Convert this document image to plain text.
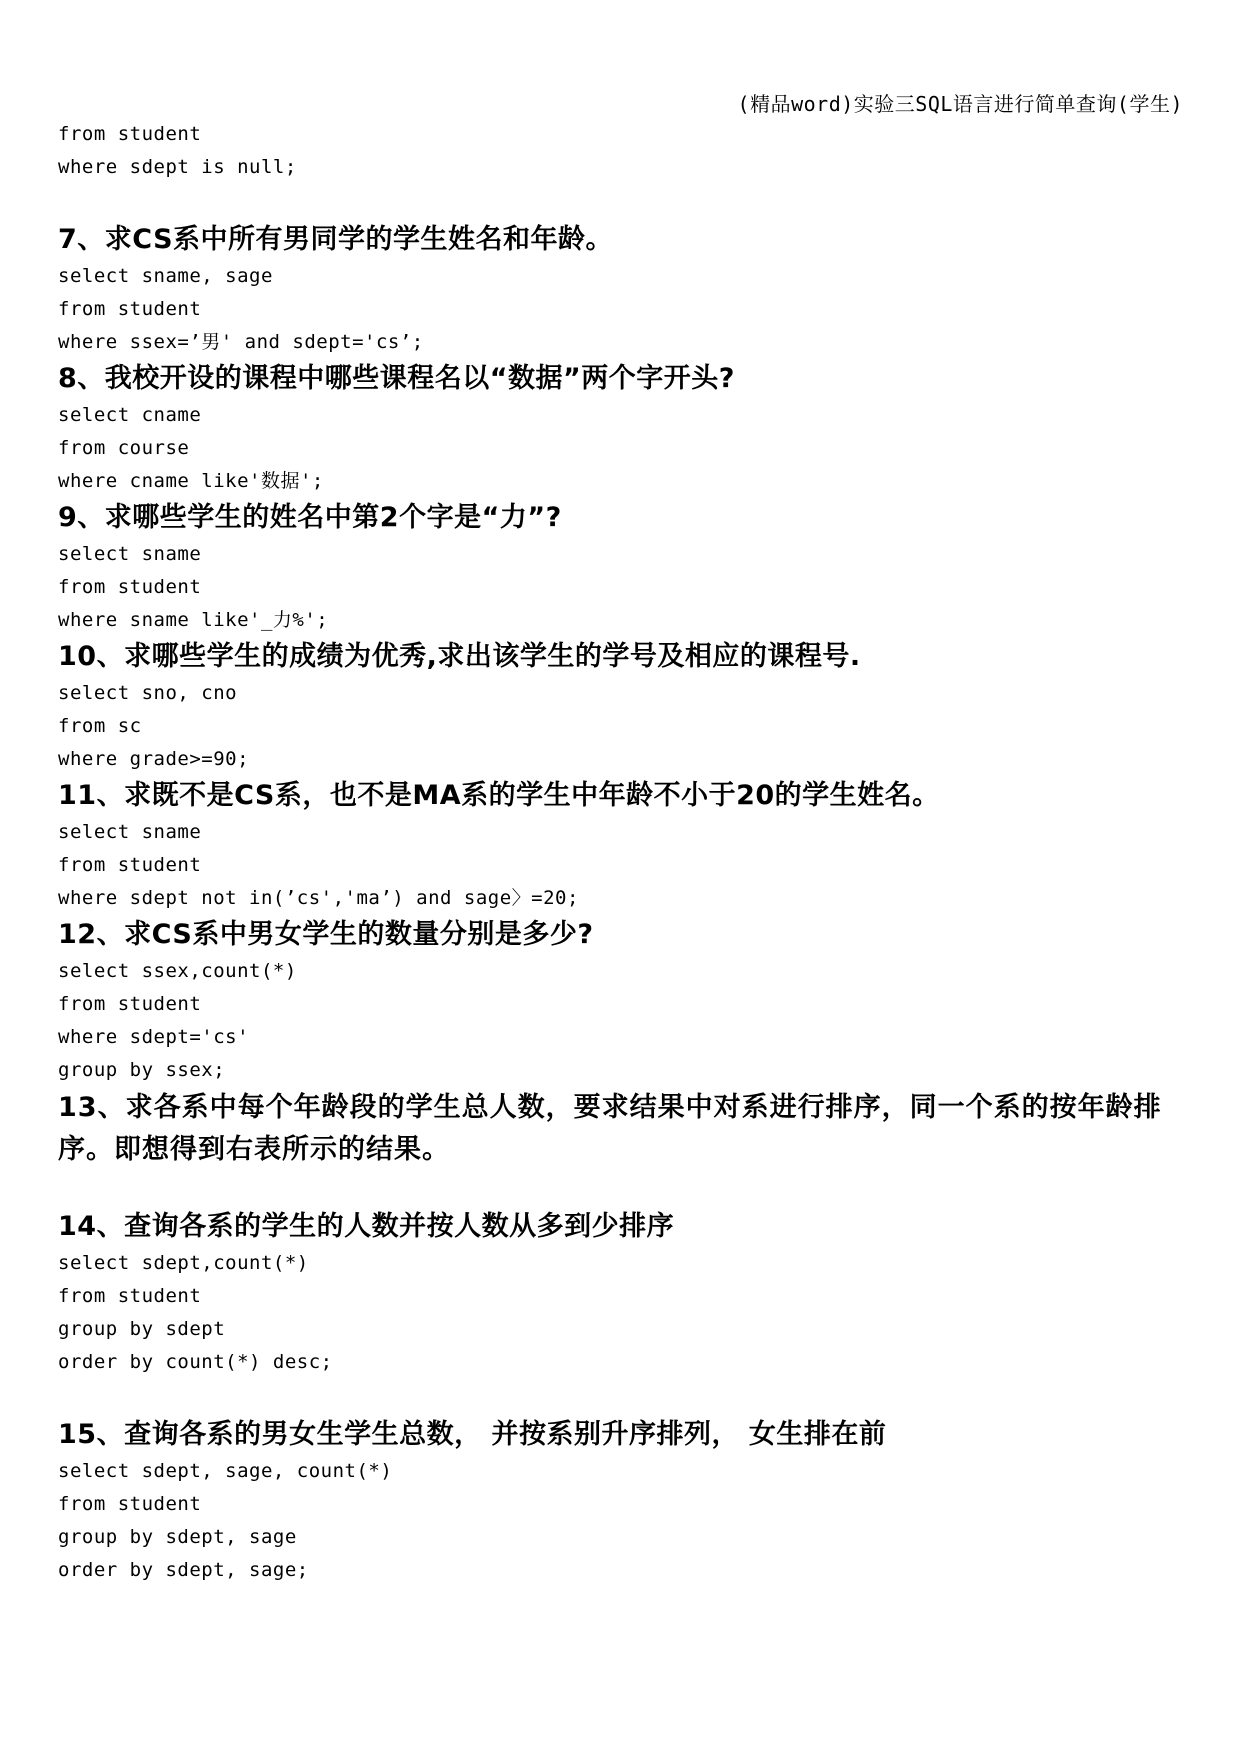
(精品word)实验三SQL语言进行简单查询(学生)
from student
where sdept is null;
7、求CS系中所有男同学的学生姓名和年龄。
select sname, sage
from student
where ssex=’男' and sdept='cs’;
8、我校开设的课程中哪些课程名以“数据”两个字开头?
select cname
from course
where cname like'数据';
9、求哪些学生的姓名中第2个字是“力”?
select sname
from student
where sname like'_力%';
10、求哪些学生的成绩为优秀,求出该学生的学号及相应的课程号.
select sno, cno
from sc
where grade>=90;
11、求既不是CS系，也不是MA系的学生中年龄不小于20的学生姓名。
select sname
from student
where sdept not in(’cs','ma’) and sage〉=20;
12、求CS系中男女学生的数量分别是多少?
select ssex,count(*)
from student
where sdept='cs'
group by ssex;
13、求各系中每个年龄段的学生总人数，要求结果中对系进行排序，同一个系的按年龄排序。即想得到右表所示的结果。
14、查询各系的学生的人数并按人数从多到少排序
select sdept,count(*)
from student
group by sdept
order by count(*) desc;
15、查询各系的男女生学生总数， 并按系别升序排列， 女生排在前
select sdept, sage, count(*)
from student
group by sdept, sage
order by sdept, sage;
